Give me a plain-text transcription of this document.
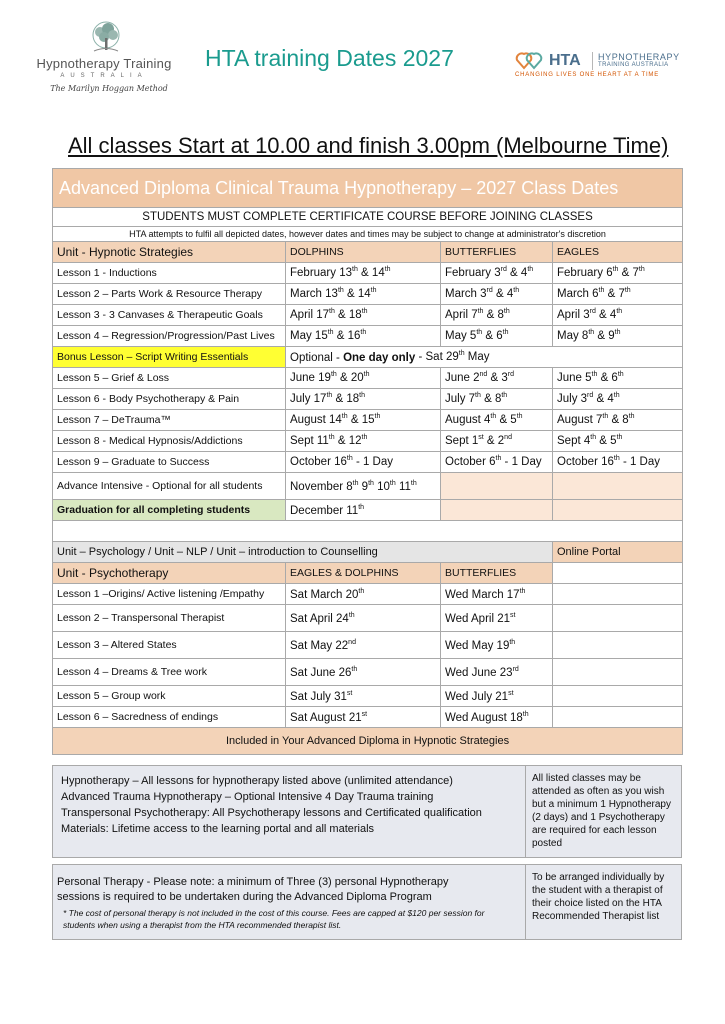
Hypnotherapy Training
AUSTRALIA
The Marilyn Hoggan Method
HTA training Dates 2027	HTA HYPNOTHERAPY
TRAINING AUSTRALIA
CHANGING LIVES ONE HEART AT A TIME
All classes Start at 10.00 and finish 3.00pm (Melbourne Time)
Advanced Diploma Clinical Trauma Hypnotherapy – 2027 Class Dates			
STUDENTS MUST COMPLETE CERTIFICATE COURSE BEFORE JOINING CLASSES			
HTA attempts to fulfil all depicted dates, however dates and times may be subject to change at administrator's discretion			
Unit - Hypnotic Strategies	DOLPHINS	BUTTERFLIES	EAGLES
Lesson 1 - Inductions	February 13th & 14th	February 3rd & 4th	February 6th & 7th
Lesson 2 – Parts Work & Resource Therapy	March 13th & 14th	March 3rd & 4th	March 6th & 7th
Lesson 3 - 3 Canvases & Therapeutic Goals	April 17th & 18th	April 7th & 8th	April 3rd & 4th
Lesson 4 – Regression/Progression/Past Lives	May 15th & 16th	May 5th & 6th	May 8th & 9th
Bonus Lesson – Script Writing Essentials	Optional - One day only - Sat 29th May		
Lesson 5 – Grief & Loss	June 19th & 20th	June 2nd & 3rd	June 5th & 6th
Lesson 6 - Body Psychotherapy & Pain	July 17th & 18th	July 7th & 8th	July 3rd & 4th
Lesson 7 – DeTrauma™	August 14th & 15th	August 4th & 5th	August 7th & 8th
Lesson 8 - Medical Hypnosis/Addictions	Sept 11th & 12th	Sept 1st & 2nd	Sept 4th & 5th
Lesson 9 – Graduate to Success	October 16th - 1 Day	October 6th - 1 Day	October 16th - 1 Day
Advance Intensive - Optional for all students	November 8th 9th 10th 11th		
Graduation for all completing students	December 11th		

Unit – Psychology / Unit – NLP / Unit – introduction to Counselling			Online Portal
Unit - Psychotherapy	EAGLES & DOLPHINS	BUTTERFLIES	
Lesson 1 –Origins/ Active listening /Empathy	Sat March 20th	Wed March 17th	
Lesson 2 – Transpersonal Therapist	Sat April 24th	Wed April 21st	
Lesson 3 – Altered States	Sat May 22nd	Wed May 19th	
Lesson 4 – Dreams & Tree work	Sat June 26th	Wed June 23rd	
Lesson 5 – Group work	Sat July 31st	Wed July 21st	
Lesson 6 – Sacredness of endings	Sat August 21st	Wed August 18th	
Included in Your Advanced Diploma in Hypnotic Strategies			
Hypnotherapy – All lessons for hypnotherapy listed above (unlimited attendance)
Advanced Trauma Hypnotherapy – Optional Intensive 4 Day Trauma training
Transpersonal Psychotherapy: All Psychotherapy lessons and Certificated qualification
Materials: Lifetime access to the learning portal and all materials
All listed classes may be attended as often as you wish but a minimum 1 Hypnotherapy (2 days) and 1 Psychotherapy are required for each lesson posted
Personal Therapy - Please note: a minimum of Three (3) personal Hypnotherapy
sessions is required to be undertaken during the Advanced Diploma Program
* The cost of personal therapy is not included in the cost of this course. Fees are capped at $120 per session for students when using a therapist from the HTA recommended therapist list.
To be arranged individually by the student with a therapist of their choice listed on the HTA Recommended Therapist list
